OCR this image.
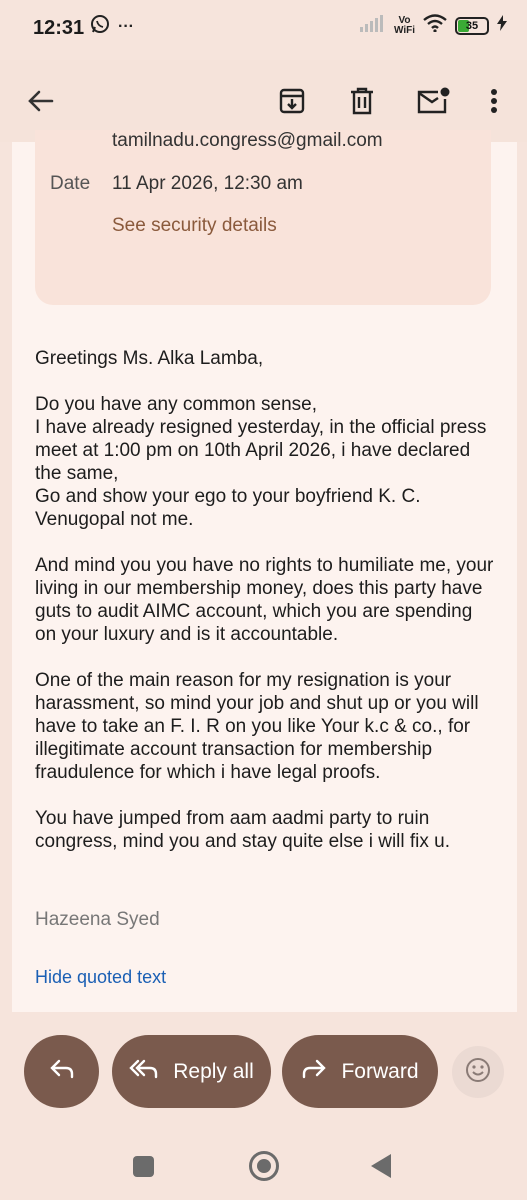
12:31 ···	Vo
WiFi	35
tamilnadu.congress@gmail.com
Date 11 Apr 2026, 12:30 am
See security details

Greetings Ms. Alka Lamba,

Do you have any common sense,
I have already resigned yesterday, in the official press meet at 1:00 pm on 10th April 2026, i have declared the same,
Go and show your ego to your boyfriend K. C. Venugopal not me.

And mind you you have no rights to humiliate me, your living in our membership money, does this party have guts to audit AIMC account, which you are spending on your luxury and is it accountable.

One of the main reason for my resignation is your harassment, so mind your job and shut up or you will have to take an F. I. R on you like Your k.c & co., for illegitimate account transaction for membership fraudulence for which i have legal proofs.

You have jumped from aam aadmi party to ruin congress, mind you and stay quite else i will fix u.

Hazeena Syed
Hide quoted text
Reply all	Forward
